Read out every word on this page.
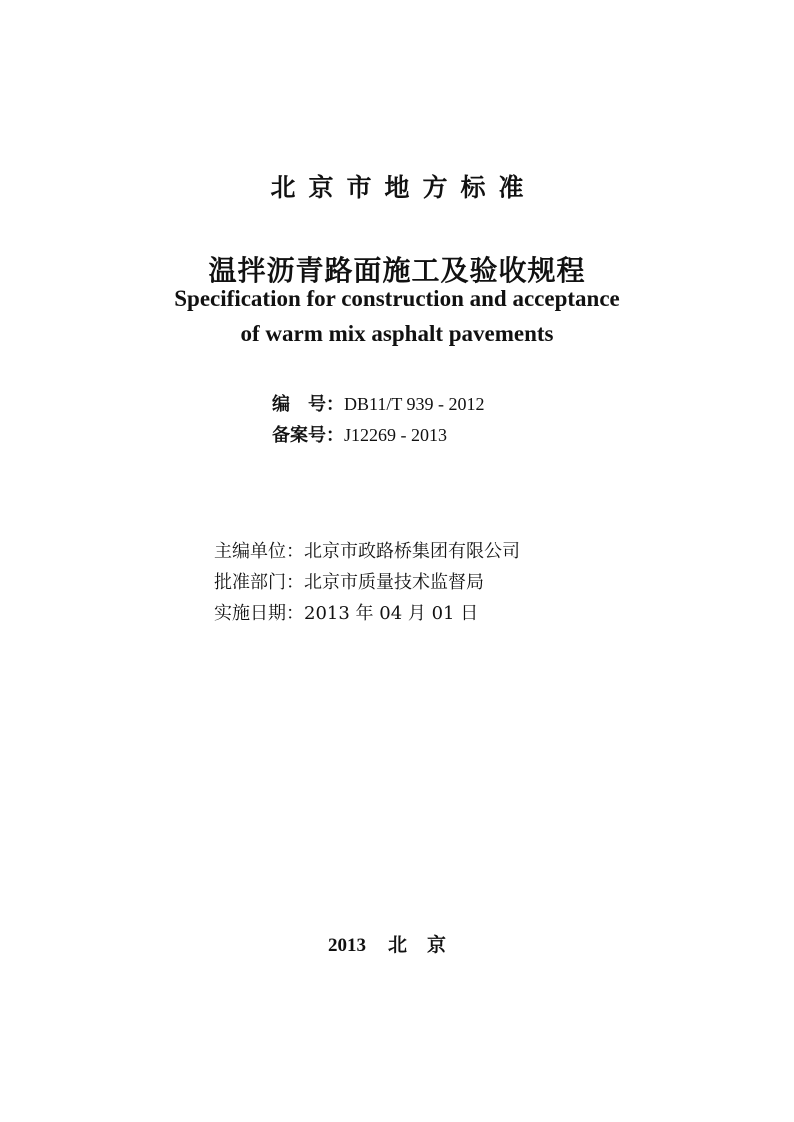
北京市地方标准
温拌沥青路面施工及验收规程
Specification for construction and acceptance
of warm mix asphalt pavements
编　号：DB11/T 939 - 2012
备案号：J12269 - 2013
主编单位：北京市政路桥集团有限公司
批准部门：北京市质量技术监督局
实施日期：2013 年 04 月 01 日
2013 北京
